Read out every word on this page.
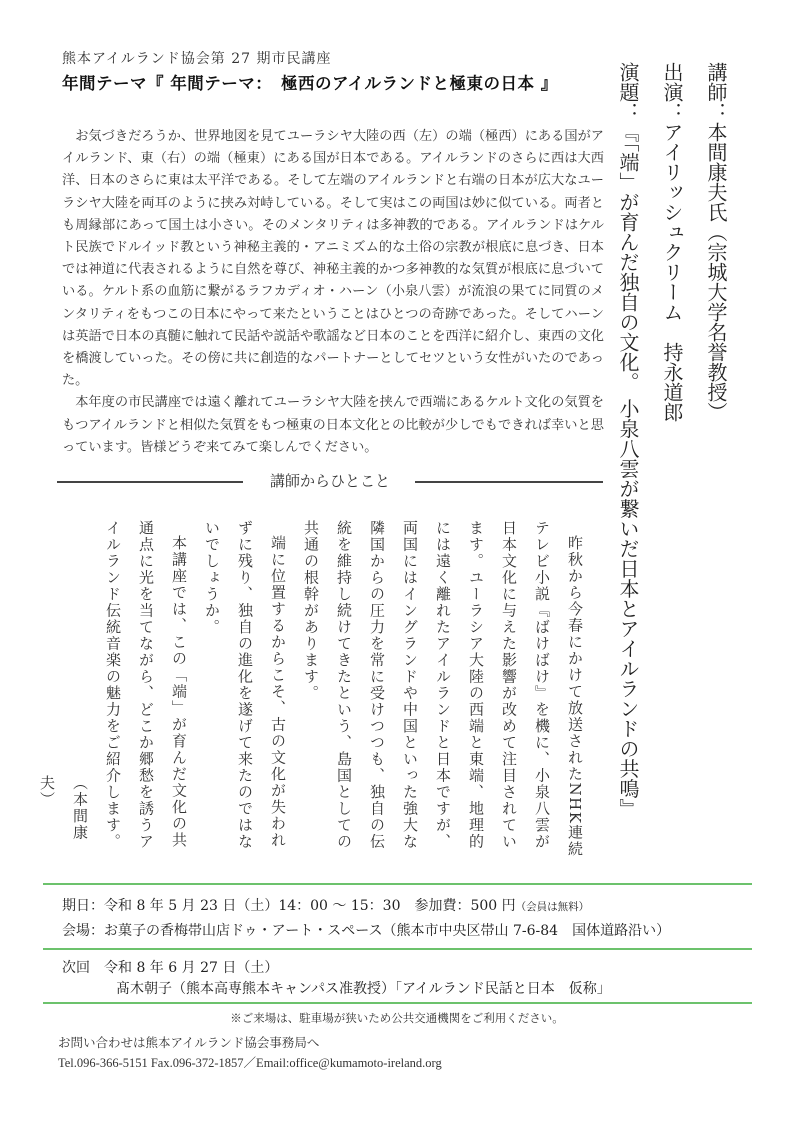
熊本アイルランド協会第 27 期市民講座
年間テーマ『 年間テーマ：　極西のアイルランドと極東の日本 』

お気づきだろうか、世界地図を見てユーラシヤ大陸の西（左）の端（極西）にある国がアイルランド、東（右）の端（極東）にある国が日本である。アイルランドのさらに西は大西洋、日本のさらに東は太平洋である。そして左端のアイルランドと右端の日本が広大なユーラシヤ大陸を両耳のように挟み対峙している。そして実はこの両国は妙に似ている。両者とも周縁部にあって国土は小さい。そのメンタリティは多神教的である。アイルランドはケルト民族でドルイッド教という神秘主義的・アニミズム的な土俗の宗教が根底に息づき、日本では神道に代表されるように自然を尊び、神秘主義的かつ多神教的な気質が根底に息づいている。ケルト系の血筋に繋がるラフカディオ・ハーン（小泉八雲）が流浪の果てに同質のメンタリティをもつこの日本にやって来たということはひとつの奇跡であった。そしてハーンは英語で日本の真髄に触れて民話や説話や歌謡など日本のことを西洋に紹介し、東西の文化を橋渡していった。その傍に共に創造的なパートナーとしてセツという女性がいたのであった。

本年度の市民講座では遠く離れてユーラシヤ大陸を挟んで西端にあるケルト文化の気質をもつアイルランドと相似た気質をもつ極東の日本文化との比較が少しでもできれば幸いと思っています。皆様どうぞ来てみて楽しんでください。

講師：本間康夫氏（宗城大学名誉教授）
出演：アイリッシュクリーム　持永道郎
演題：『「端」が育んだ独自の文化。 小泉八雲が繋いだ日本とアイルランドの共鳴』
講師からひとこと

昨秋から今春にかけて放送されたNHK連続テレビ小説『ばけばけ』を機に、小泉八雲が日本文化に与えた影響が改めて注目されています。ユーラシア大陸の西端と東端、地理的には遠く離れたアイルランドと日本ですが、両国にはイングランドや中国といった強大な隣国からの圧力を常に受けつつも、独自の伝統を維持し続けてきたという、島国としての共通の根幹があります。

端に位置するからこそ、古の文化が失われずに残り、独自の進化を遂げて来たのではないでしょうか。

本講座では、この「端」が育んだ文化の共通点に光を当てながら、どこか郷愁を誘うアイルランド伝統音楽の魅力をご紹介します。

（本間康夫）

期日：令和 8 年 5 月 23 日（土）14：00 ～ 15：30　参加費：500 円（会員は無料）
会場：お菓子の香梅帯山店ドゥ・アート・スペース（熊本市中央区帯山 7-6-84　国体道路沿い）
次回　令和 8 年 6 月 27 日（土）
髙木朝子（熊本高専熊本キャンパス准教授）「アイルランド民話と日本　仮称」
※ご来場は、駐車場が狭いため公共交通機関をご利用ください。
お問い合わせは熊本アイルランド協会事務局へ
Tel.096-366-5151 Fax.096-372-1857／Email:office@kumamoto-ireland.org
